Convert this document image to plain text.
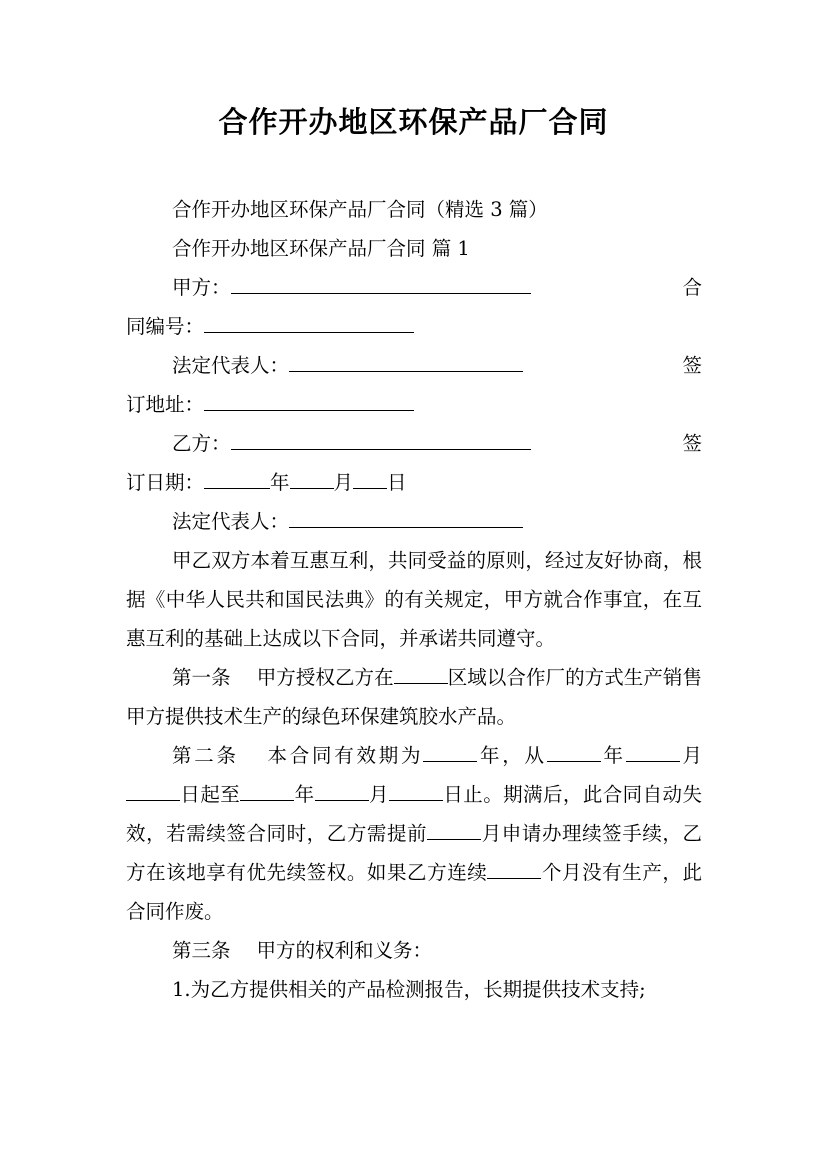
合作开办地区环保产品厂合同
合作开办地区环保产品厂合同（精选 3 篇）
合作开办地区环保产品厂合同 篇 1
甲方：	合
同编号：
法定代表人：	签
订地址：
乙方：	签
订日期：	年 月 日
法定代表人：

甲乙双方本着互惠互利，共同受益的原则，经过友好协商，根据《中华人民共和国民法典》的有关规定，甲方就合作事宜，在互惠互利的基础上达成以下合同，并承诺共同遵守。

第一条 甲方授权乙方在	区域以合作厂的方式生产销售甲方提供技术生产的绿色环保建筑胶水产品。

第二条 本合同有效期为	年，从	年	月日起至	年	月	日止。期满后，此合同自动失效，若需续签合同时，乙方需提前	月申请办理续签手续，乙方在该地享有优先续签权。如果乙方连续	个月没有生产，此合同作废。

第三条 甲方的权利和义务：

1.为乙方提供相关的产品检测报告，长期提供技术支持;
